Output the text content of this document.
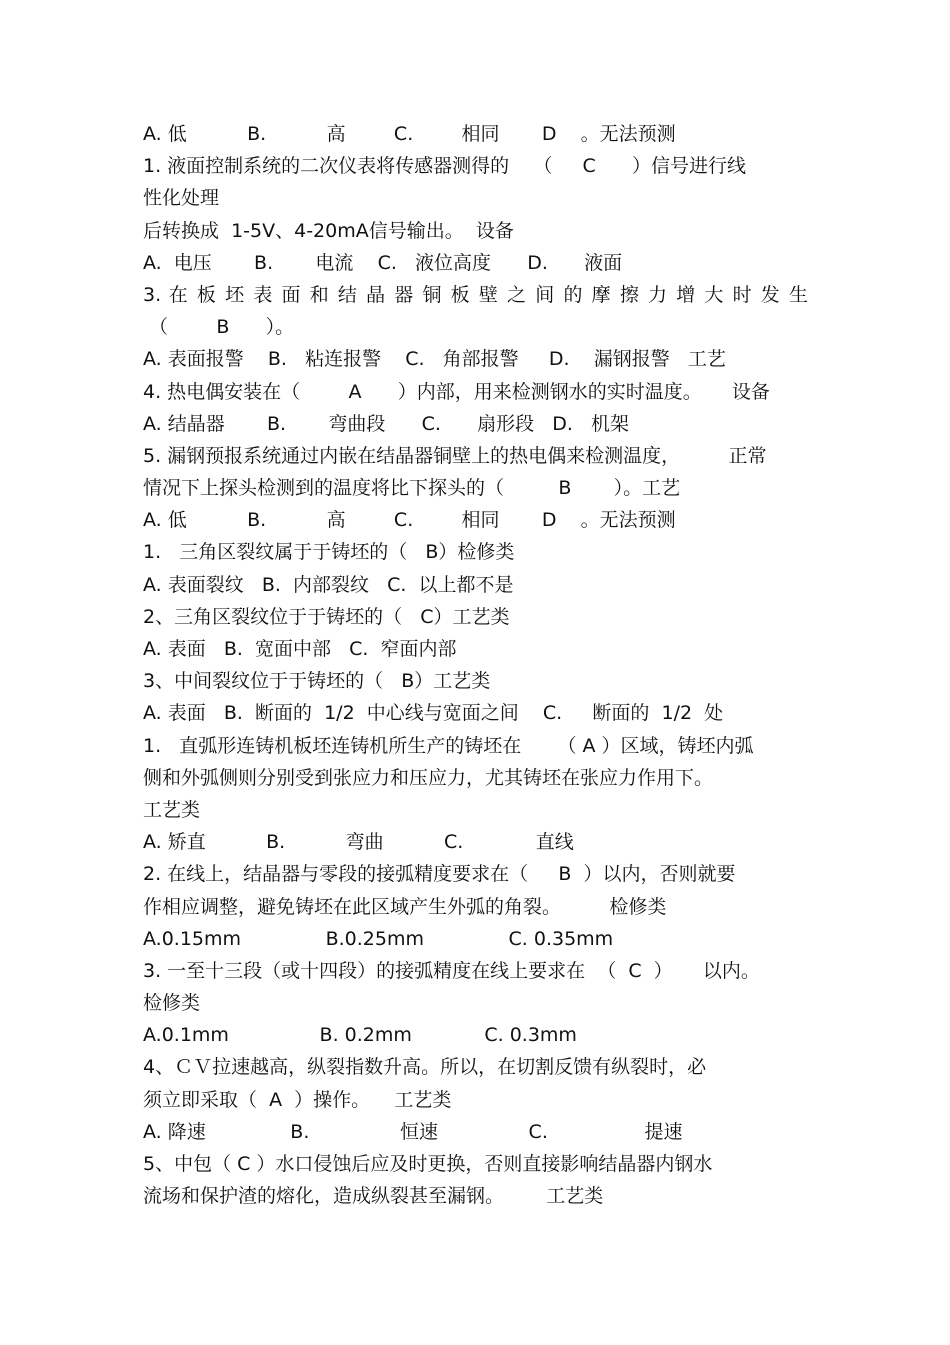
A. 低          B.          高        C.        相同       D    。无法预测
1. 液面控制系统的二次仪表将传感器测得的    （     C      ）信号进行线
性化处理
后转换成  1-5V、4-20mA信号输出。  设备
A.  电压       B.       电流    C.   液位高度      D.      液面
3. 在 板 坯 表 面 和 结 晶 器 铜 板 壁 之 间 的 摩 擦 力 增 大 时 发 生
（        B      ）。
A. 表面报警    B.   粘连报警    C.   角部报警     D.    漏钢报警   工艺
4. 热电偶安装在（        A      ）内部，用来检测钢水的实时温度。     设备
A. 结晶器       B.       弯曲段      C.      扇形段   D.   机架
5. 漏钢预报系统通过内嵌在结晶器铜壁上的热电偶来检测温度，        正常
情况下上探头检测到的温度将比下探头的（         B       ）。工艺
A. 低          B.          高        C.        相同       D    。无法预测
1.   三角区裂纹属于于铸坯的（   B）检修类
A. 表面裂纹   B.  内部裂纹   C.  以上都不是
2、三角区裂纹位于于铸坯的（   C）工艺类
A. 表面   B.  宽面中部   C.  窄面内部
3、中间裂纹位于于铸坯的（   B）工艺类
A. 表面   B.  断面的  1/2  中心线与宽面之间    C.     断面的  1/2  处
1.   直弧形连铸机板坯连铸机所生产的铸坯在      （ A ）区域，铸坯内弧
侧和外弧侧则分别受到张应力和压应力，尤其铸坯在张应力作用下。
工艺类
A. 矫直          B.          弯曲          C.            直线
2. 在线上，结晶器与零段的接弧精度要求在（     B  ）以内，否则就要
作相应调整，避免铸坯在此区域产生外弧的角裂。        检修类
A.0.15mm              B.0.25mm              C. 0.35mm
3. 一至十三段（或十四段）的接弧精度在线上要求在  （  C  ）     以内。
检修类
A.0.1mm               B. 0.2mm            C. 0.3mm
4、ＣＶ拉速越高，纵裂指数升高。所以，在切割反馈有纵裂时，必
须立即采取（  A  ）操作。    工艺类
A. 降速              B.               恒速               C.                提速
5、中包（ C ）水口侵蚀后应及时更换，否则直接影响结晶器内钢水
流场和保护渣的熔化，造成纵裂甚至漏钢。       工艺类
